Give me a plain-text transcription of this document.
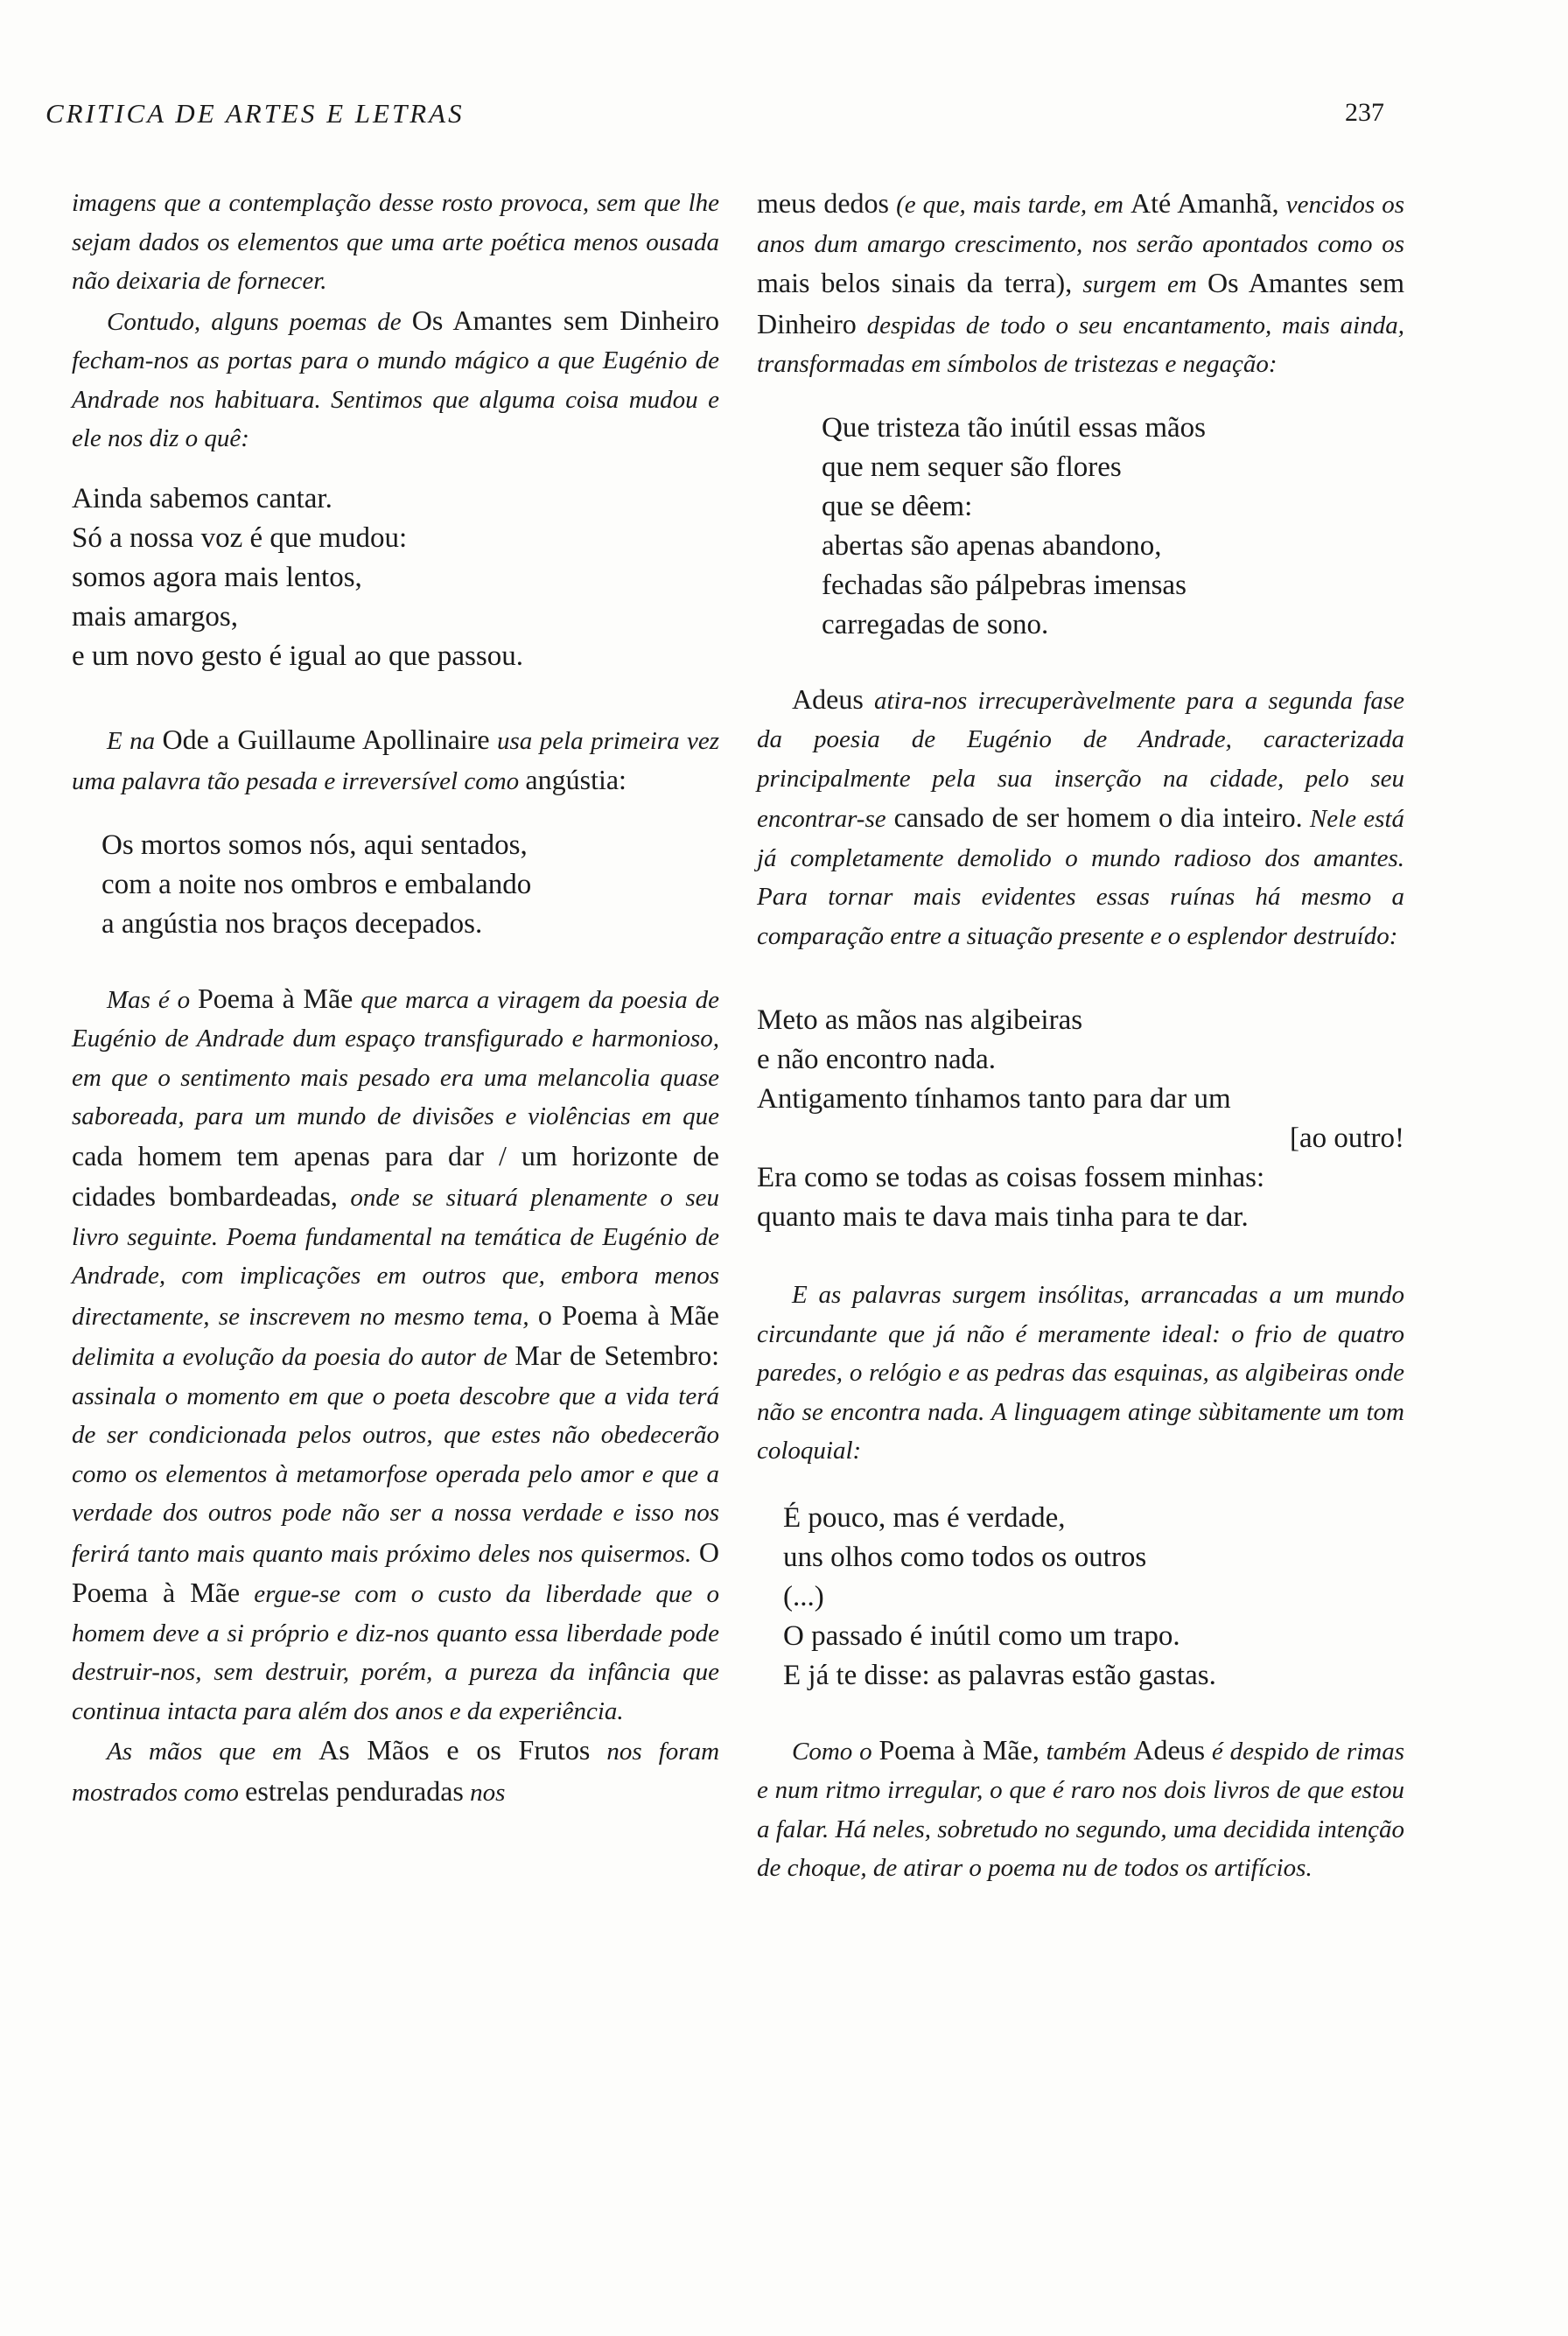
CRITICA DE ARTES E LETRAS	237

imagens que a contemplação desse rosto provoca, sem que lhe sejam dados os elementos que uma arte poética menos ousada não deixaria de fornecer.

Contudo, alguns poemas de Os Amantes sem Dinheiro fecham-nos as portas para o mundo mágico a que Eugénio de Andrade nos habituara. Sentimos que alguma coisa mudou e ele nos diz o quê:

Ainda sabemos cantar.
Só a nossa voz é que mudou:
somos agora mais lentos,
mais amargos,
e um novo gesto é igual ao que passou.

E na Ode a Guillaume Apollinaire usa pela primeira vez uma palavra tão pesada e irreversível como angústia:

Os mortos somos nós, aqui sentados,
com a noite nos ombros e embalando
a angústia nos braços decepados.

Mas é o Poema à Mãe que marca a viragem da poesia de Eugénio de Andrade dum espaço transfigurado e harmonioso, em que o sentimento mais pesado era uma melancolia quase saboreada, para um mundo de divisões e violências em que cada homem tem apenas para dar / um horizonte de cidades bombardeadas, onde se situará plenamente o seu livro seguinte. Poema fundamental na temática de Eugénio de Andrade, com implicações em outros que, embora menos directamente, se inscrevem no mesmo tema, o Poema à Mãe delimita a evolução da poesia do autor de Mar de Setembro: assinala o momento em que o poeta descobre que a vida terá de ser condicionada pelos outros, que estes não obedecerão como os elementos à metamorfose operada pelo amor e que a verdade dos outros pode não ser a nossa verdade e isso nos ferirá tanto mais quanto mais próximo deles nos quisermos. O Poema à Mãe ergue-se com o custo da liberdade que o homem deve a si próprio e diz-nos quanto essa liberdade pode destruir-nos, sem destruir, porém, a pureza da infância que continua intacta para além dos anos e da experiência.

As mãos que em As Mãos e os Frutos nos foram mostrados como estrelas penduradas nos

meus dedos (e que, mais tarde, em Até Amanhã, vencidos os anos dum amargo crescimento, nos serão apontados como os mais belos sinais da terra), surgem em Os Amantes sem Dinheiro despidas de todo o seu encantamento, mais ainda, transformadas em símbolos de tristezas e negação:

Que tristeza tão inútil essas mãos
que nem sequer são flores
que se dêem:
abertas são apenas abandono,
fechadas são pálpebras imensas
carregadas de sono.

Adeus atira-nos irrecuperàvelmente para a segunda fase da poesia de Eugénio de Andrade, caracterizada principalmente pela sua inserção na cidade, pelo seu encontrar-se cansado de ser homem o dia inteiro. Nele está já completamente demolido o mundo radioso dos amantes. Para tornar mais evidentes essas ruínas há mesmo a comparação entre a situação presente e o esplendor destruído:

Meto as mãos nas algibeiras
e não encontro nada.
Antigamento tínhamos tanto para dar um
[ao outro!
Era como se todas as coisas fossem minhas:
quanto mais te dava mais tinha para te dar.

E as palavras surgem insólitas, arrancadas a um mundo circundante que já não é meramente ideal: o frio de quatro paredes, o relógio e as pedras das esquinas, as algibeiras onde não se encontra nada. A linguagem atinge sùbitamente um tom coloquial:

É pouco, mas é verdade,
uns olhos como todos os outros
(...)
O passado é inútil como um trapo.
E já te disse: as palavras estão gastas.

Como o Poema à Mãe, também Adeus é despido de rimas e num ritmo irregular, o que é raro nos dois livros de que estou a falar. Há neles, sobretudo no segundo, uma decidida intenção de choque, de atirar o poema nu de todos os artifícios.
